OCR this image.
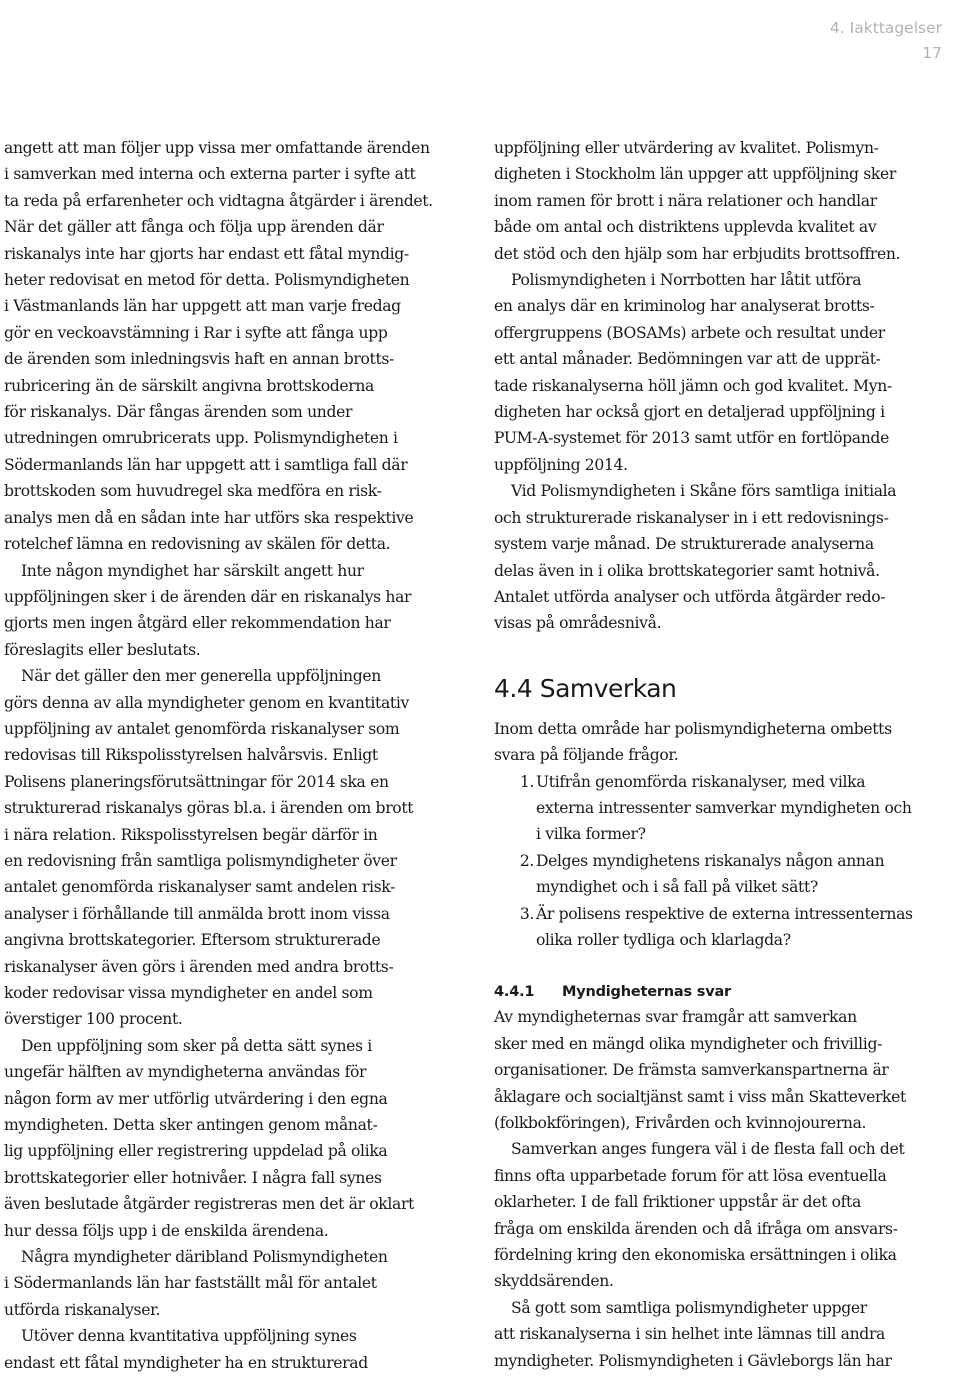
4. Iakttagelser
17
angett att man följer upp vissa mer omfattande ärenden
i samverkan med interna och externa parter i syfte att
ta reda på erfarenheter och vidtagna åtgärder i ärendet.
När det gäller att fånga och följa upp ärenden där
riskanalys inte har gjorts har endast ett fåtal myndig-
heter redovisat en metod för detta. Polismyndigheten
i Västmanlands län har uppgett att man varje fredag
gör en veckoavstämning i Rar i syfte att fånga upp
de ärenden som inledningsvis haft en annan brotts-
rubricering än de särskilt angivna brottskoderna
för riskanalys. Där fångas ärenden som under
utredningen omrubricerats upp. Polismyndigheten i
Södermanlands län har uppgett att i samtliga fall där
brottskoden som huvudregel ska medföra en risk-
analys men då en sådan inte har utförs ska respektive
rotelchef lämna en redovisning av skälen för detta.
Inte någon myndighet har särskilt angett hur
uppföljningen sker i de ärenden där en riskanalys har
gjorts men ingen åtgärd eller rekommendation har
föreslagits eller beslutats.
När det gäller den mer generella uppföljningen
görs denna av alla myndigheter genom en kvantitativ
uppföljning av antalet genomförda riskanalyser som
redovisas till Rikspolisstyrelsen halvårsvis. Enligt
Polisens planeringsförutsättningar för 2014 ska en
strukturerad riskanalys göras bl.a. i ärenden om brott
i nära relation. Rikspolisstyrelsen begär därför in
en redovisning från samtliga polismyndigheter över
antalet genomförda riskanalyser samt andelen risk-
analyser i förhållande till anmälda brott inom vissa
angivna brottskategorier. Eftersom strukturerade
riskanalyser även görs i ärenden med andra brotts-
koder redovisar vissa myndigheter en andel som
överstiger 100 procent.
Den uppföljning som sker på detta sätt synes i
ungefär hälften av myndigheterna användas för
någon form av mer utförlig utvärdering i den egna
myndigheten. Detta sker antingen genom månat-
lig uppföljning eller registrering uppdelad på olika
brottskategorier eller hotnivåer. I några fall synes
även beslutade åtgärder registreras men det är oklart
hur dessa följs upp i de enskilda ärendena.
Några myndigheter däribland Polismyndigheten
i Södermanlands län har fastställt mål för antalet
utförda riskanalyser.
Utöver denna kvantitativa uppföljning synes
endast ett fåtal myndigheter ha en strukturerad
uppföljning eller utvärdering av kvalitet. Polismyn-
digheten i Stockholm län uppger att uppföljning sker
inom ramen för brott i nära relationer och handlar
både om antal och distriktens upplevda kvalitet av
det stöd och den hjälp som har erbjudits brottsoffren.
Polismyndigheten i Norrbotten har låtit utföra
en analys där en kriminolog har analyserat brotts-
offergruppens (BOSAMs) arbete och resultat under
ett antal månader. Bedömningen var att de upprät-
tade riskanalyserna höll jämn och god kvalitet. Myn-
digheten har också gjort en detaljerad uppföljning i
PUM-A-systemet för 2013 samt utför en fortlöpande
uppföljning 2014.
Vid Polismyndigheten i Skåne förs samtliga initiala
och strukturerade riskanalyser in i ett redovisnings-
system varje månad. De strukturerade analyserna
delas även in i olika brottskategorier samt hotnivå.
Antalet utförda analyser och utförda åtgärder redo-
visas på områdesnivå.
4.4 Samverkan
Inom detta område har polismyndigheterna ombetts
svara på följande frågor.
1. Utifrån genomförda riskanalyser, med vilka
externa intressenter samverkar myndigheten och
i vilka former?
2. Delges myndighetens riskanalys någon annan
myndighet och i så fall på vilket sätt?
3. Är polisens respektive de externa intressenternas
olika roller tydliga och klarlagda?
4.4.1 Myndigheternas svar
Av myndigheternas svar framgår att samverkan
sker med en mängd olika myndigheter och frivillig-
organisationer. De främsta samverkanspartnerna är
åklagare och socialtjänst samt i viss mån Skatteverket
(folkbokföringen), Frivården och kvinnojourerna.
Samverkan anges fungera väl i de flesta fall och det
finns ofta upparbetade forum för att lösa eventuella
oklarheter. I de fall friktioner uppstår är det ofta
fråga om enskilda ärenden och då ifråga om ansvars-
fördelning kring den ekonomiska ersättningen i olika
skyddsärenden.
Så gott som samtliga polismyndigheter uppger
att riskanalyserna i sin helhet inte lämnas till andra
myndigheter. Polismyndigheten i Gävleborgs län har
